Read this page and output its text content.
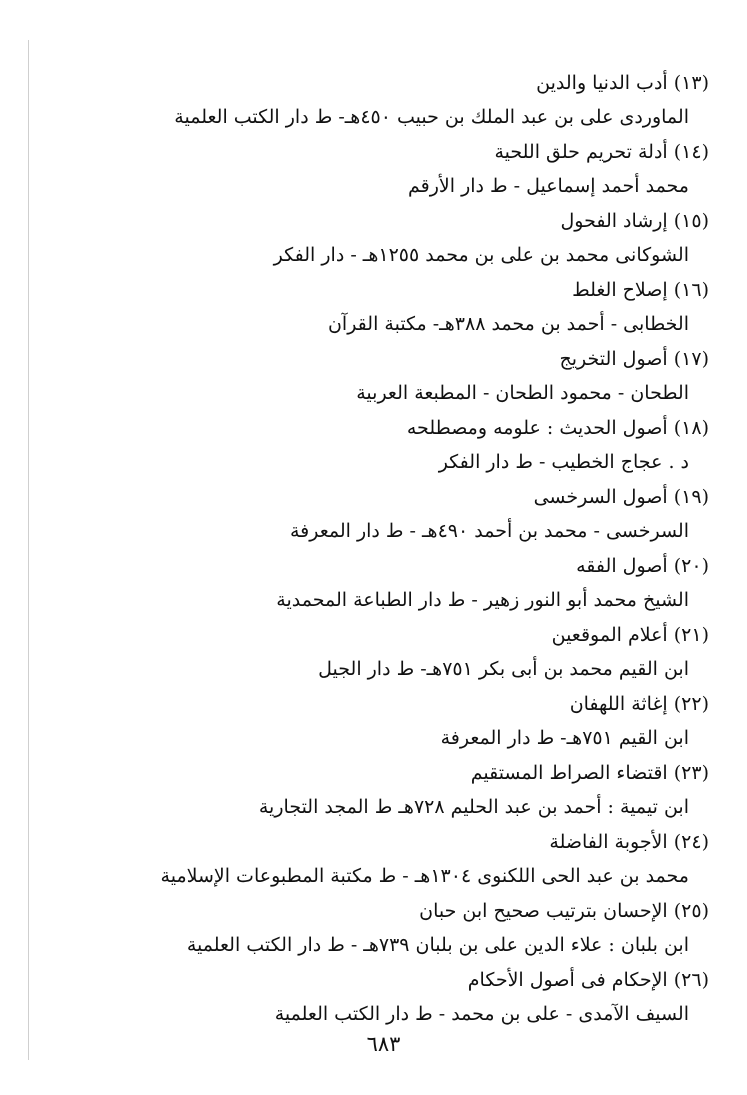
(١٣) أدب الدنيا والدين
الماوردى على بن عبد الملك بن حبيب ٤٥٠هـ- ط دار الكتب العلمية
(١٤) أدلة تحريم حلق اللحية
محمد أحمد إسماعيل - ط دار الأرقم
(١٥) إرشاد الفحول
الشوكانى محمد بن على بن محمد ١٢٥٥هـ - دار الفكر
(١٦) إصلاح الغلط
الخطابى - أحمد بن محمد ٣٨٨هـ- مكتبة القرآن
(١٧) أصول التخريج
الطحان - محمود الطحان - المطبعة العربية
(١٨) أصول الحديث : علومه ومصطلحه
د . عجاج الخطيب - ط دار الفكر
(١٩) أصول السرخسى
السرخسى - محمد بن أحمد ٤٩٠هـ - ط دار المعرفة
(٢٠) أصول الفقه
الشيخ محمد أبو النور زهير - ط دار الطباعة المحمدية
(٢١) أعلام الموقعين
ابن القيم محمد بن أبى بكر ٧٥١هـ- ط دار الجيل
(٢٢) إغاثة اللهفان
ابن القيم ٧٥١هـ- ط دار المعرفة
(٢٣) اقتضاء الصراط المستقيم
ابن تيمية : أحمد بن عبد الحليم ٧٢٨هـ ط المجد التجارية
(٢٤) الأجوبة الفاضلة
محمد بن عبد الحى اللكنوى ١٣٠٤هـ - ط مكتبة المطبوعات الإسلامية
(٢٥) الإحسان بترتيب صحيح ابن حبان
ابن بلبان : علاء الدين على بن بلبان ٧٣٩هـ - ط دار الكتب العلمية
(٢٦) الإحكام فى أصول الأحكام
السيف الآمدى - على بن محمد - ط دار الكتب العلمية
٦٨٣
